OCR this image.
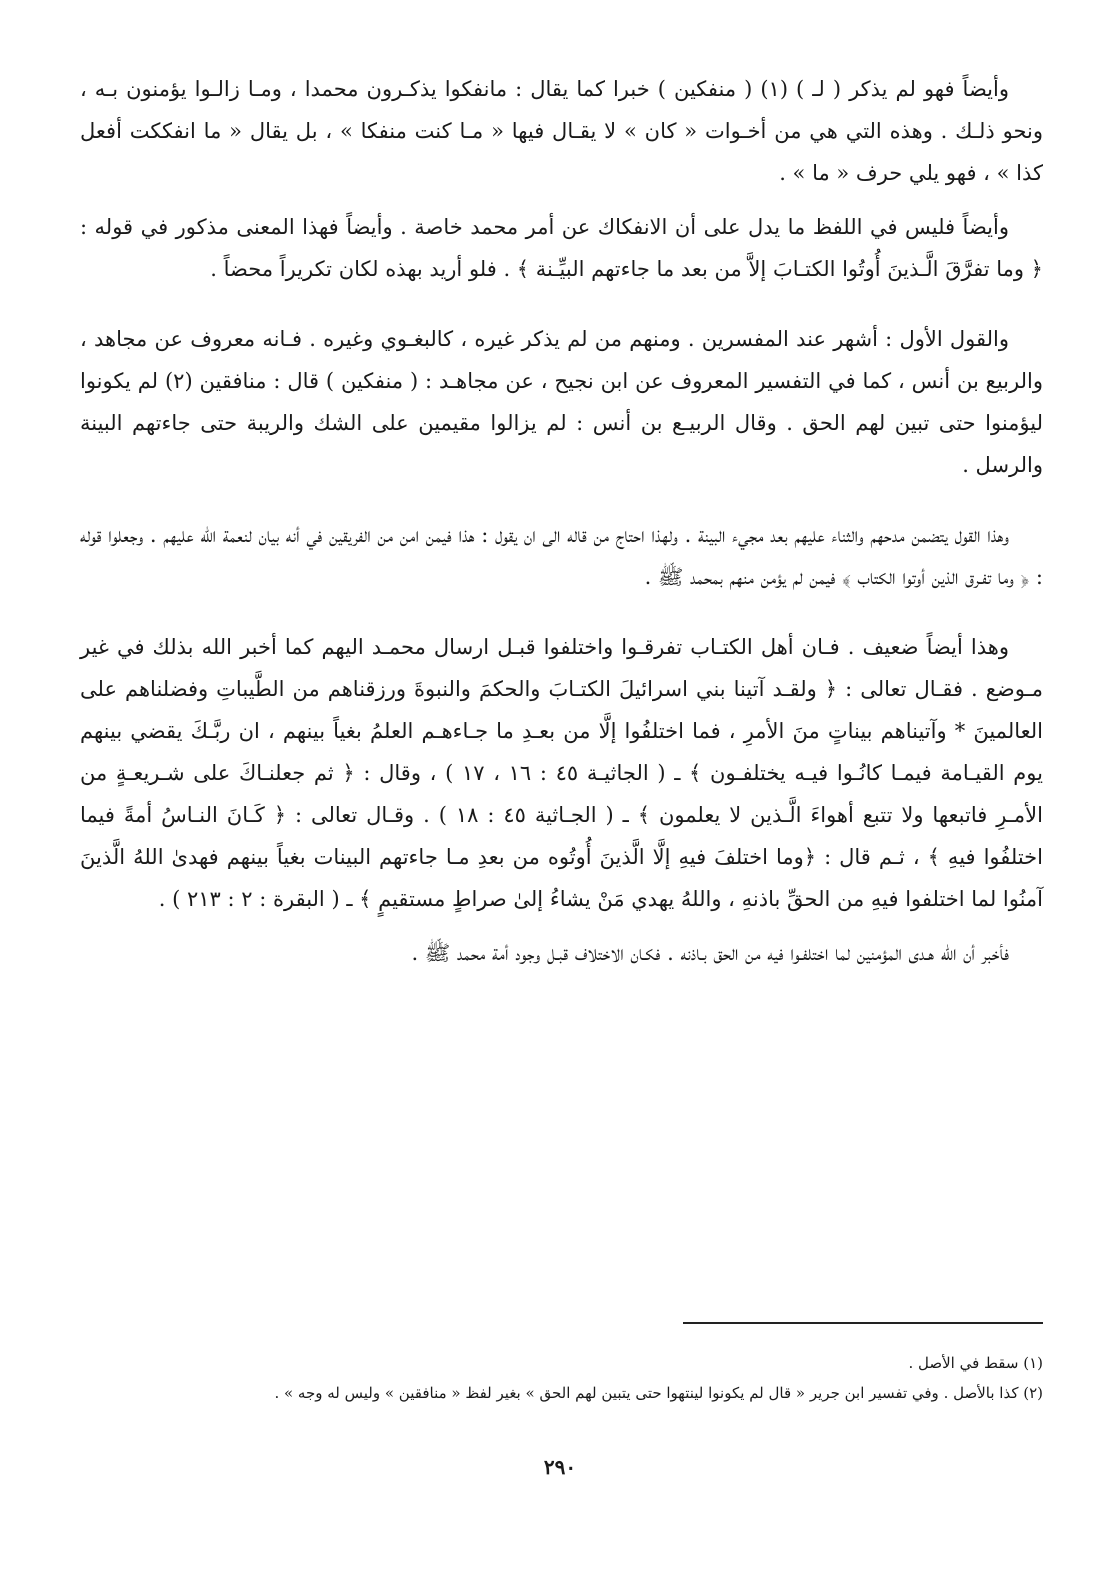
وأيضاً فهو لم يذكر ( لـ ) (١) ( منفكين ) خبرا كما يقال : مانفكوا يذكـرون محمدا ، ومـا زالـوا يؤمنون بـه ، ونحو ذلـك . وهذه التي هي من أخـوات « كان » لا يقـال فيها « مـا كنت منفكا » ، بل يقال « ما انفككت أفعل كذا » ، فهو يلي حرف « ما » .

وأيضاً فليس في اللفظ ما يدل على أن الانفكاك عن أمر محمد خاصة . وأيضاً فهذا المعنى مذكور في قوله : ﴿ وما تفرَّقَ الَّـذينَ أُوتُوا الكتـابَ إلاَّ من بعد ما جاءتهم البيِّـنة ﴾ . فلو أريد بهذه لكان تكريراً محضاً .

والقول الأول : أشهر عند المفسرين . ومنهم من لم يذكر غيره ، كالبغـوي وغيره . فـانه معروف عن مجاهد ، والربيع بن أنس ، كما في التفسير المعروف عن ابن نجيح ، عن مجاهـد : ( منفكين ) قال : منافقين (٢) لم يكونوا ليؤمنوا حتى تبين لهم الحق . وقال الربيـع بن أنس : لم يزالوا مقيمين على الشك والريبة حتى جاءتهم البينة والرسل .

وهذا القول يتضمن مدحهم والثناء عليهم بعد مجيء البينة . ولهذا احتاج من قاله الى ان يقول : هذا فيمن امن من الفريقين في أنه بيان لنعمة الله عليهم . وجعلوا قوله : ﴿ وما تفـرق الذين أوتوا الكتاب ﴾ فيمن لم يؤمن منهم بمحمد ﷺ .

وهذا أيضاً ضعيف . فـان أهل الكتـاب تفرقـوا واختلفوا قبـل ارسال محمـد اليهم كما أخبر الله بذلك في غير مـوضع . فقـال تعالى : ﴿ ولقـد آتينا بني اسرائيلَ الكتـابَ والحكمَ والنبوةَ ورزقناهم من الطَّيباتِ وفضلناهم على العالمينَ * وآتيناهم بيناتٍ منَ الأمرِ ، فما اختلفُوا إلَّا من بعـدِ ما جـاءهـم العلمُ بغياً بينهم ، ان ربَّـكَ يقضي بينهم يوم القيـامة فيمـا كانُـوا فيـه يختلفـون ﴾ ـ ( الجاثيـة ٤٥ : ١٦ ، ١٧ ) ، وقال : ﴿ ثم جعلنـاكَ على شـريعـةٍ من الأمـرِ فاتبعها ولا تتبع أهواءَ الَّـذين لا يعلمون ﴾ ـ ( الجـاثية ٤٥ : ١٨ ) . وقـال تعالى : ﴿ كَـانَ النـاسُ أمةً فيما اختلفُوا فيهِ ﴾ ، ثـم قال : ﴿وما اختلفَ فيهِ إلَّا الَّذينَ أُوتُوه من بعدِ مـا جاءتهم البينات بغياً بينهم فهدىٰ اللهُ الَّذينَ آمنُوا لما اختلفوا فيهِ من الحقِّ باذنهِ ، واللهُ يهدي مَنْ يشاءُ إلىٰ صراطٍ مستقيمٍ ﴾ ـ ( البقرة : ٢ : ٢١٣ ) .

فأخبر أن الله هـدى المؤمنين لما اختلفـوا فيه من الحق بـاذنه . فكـان الاختلاف قبـل وجود أمة محمد ﷺ .

(١) سقط في الأصل .

(٢) كذا بالأصل . وفي تفسير ابن جرير « قال لم يكونوا لينتهوا حتى يتبين لهم الحق » بغير لفظ « منافقين » وليس له وجه » .

٢٩٠
